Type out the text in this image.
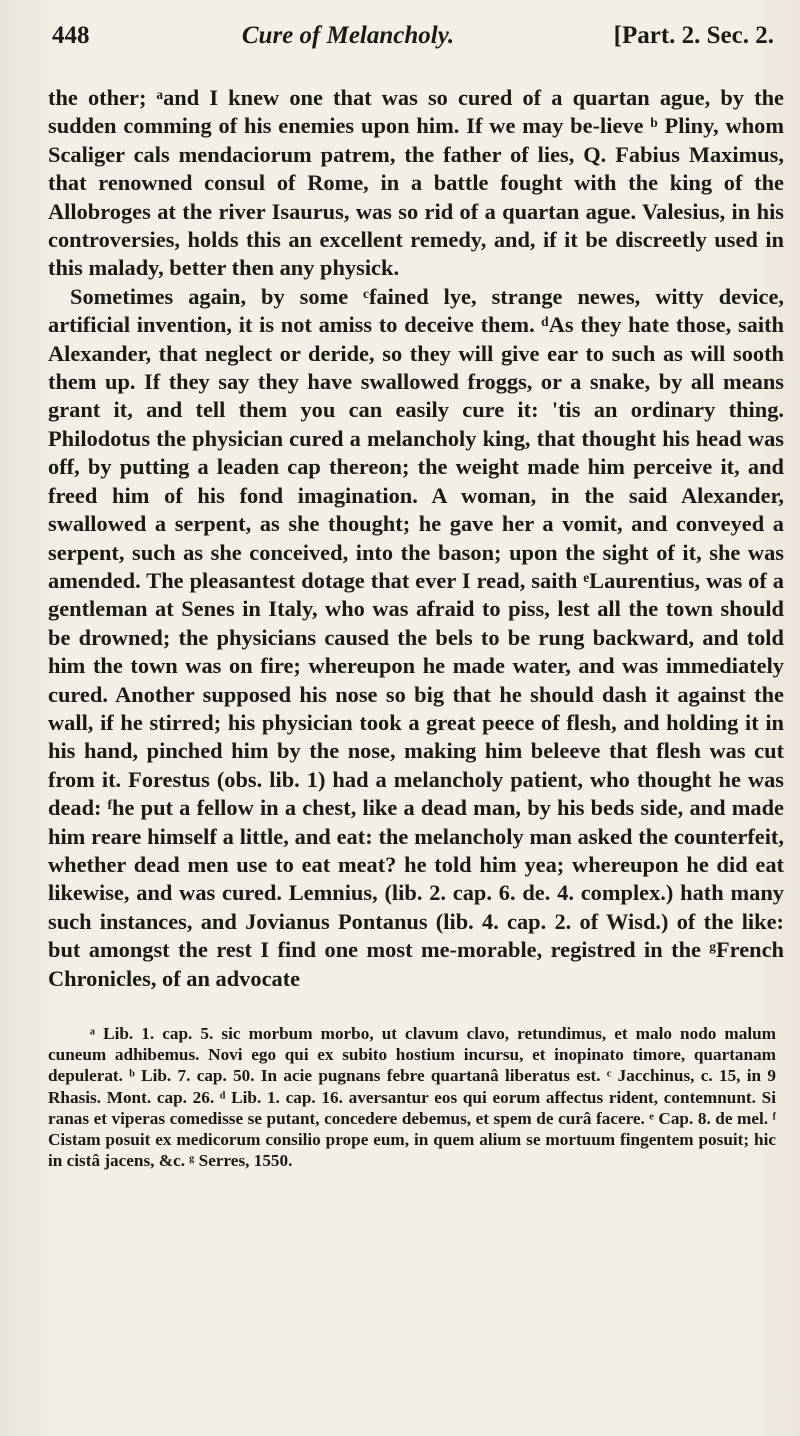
448	Cure of Melancholy.	[Part. 2. Sec. 2.

the other; ᵃand I knew one that was so cured of a quartan ague, by the sudden comming of his enemies upon him. If we may be-lieve ᵇ Pliny, whom Scaliger cals mendaciorum patrem, the father of lies, Q. Fabius Maximus, that renowned consul of Rome, in a battle fought with the king of the Allobroges at the river Isaurus, was so rid of a quartan ague. Valesius, in his controversies, holds this an excellent remedy, and, if it be discreetly used in this malady, better then any physick.

Sometimes again, by some ᶜfained lye, strange newes, witty device, artificial invention, it is not amiss to deceive them. ᵈAs they hate those, saith Alexander, that neglect or deride, so they will give ear to such as will sooth them up. If they say they have swallowed froggs, or a snake, by all means grant it, and tell them you can easily cure it: 'tis an ordinary thing. Philodotus the physician cured a melancholy king, that thought his head was off, by putting a leaden cap thereon; the weight made him perceive it, and freed him of his fond imagination. A woman, in the said Alexander, swallowed a serpent, as she thought; he gave her a vomit, and conveyed a serpent, such as she conceived, into the bason; upon the sight of it, she was amended. The pleasantest dotage that ever I read, saith ᵉLaurentius, was of a gentleman at Senes in Italy, who was afraid to piss, lest all the town should be drowned; the physicians caused the bels to be rung backward, and told him the town was on fire; whereupon he made water, and was immediately cured. Another supposed his nose so big that he should dash it against the wall, if he stirred; his physician took a great peece of flesh, and holding it in his hand, pinched him by the nose, making him beleeve that flesh was cut from it. Forestus (obs. lib. 1) had a melancholy patient, who thought he was dead: ᶠhe put a fellow in a chest, like a dead man, by his beds side, and made him reare himself a little, and eat: the melancholy man asked the counterfeit, whether dead men use to eat meat? he told him yea; whereupon he did eat likewise, and was cured. Lemnius, (lib. 2. cap. 6. de. 4. complex.) hath many such instances, and Jovianus Pontanus (lib. 4. cap. 2. of Wisd.) of the like: but amongst the rest I find one most me-morable, registred in the ᵍFrench Chronicles, of an advocate

ᵃ Lib. 1. cap. 5. sic morbum morbo, ut clavum clavo, retundimus, et malo nodo malum cuneum adhibemus. Novi ego qui ex subito hostium incursu, et inopinato timore, quartanam depulerat. ᵇ Lib. 7. cap. 50. In acie pugnans febre quartanâ liberatus est. ᶜ Jacchinus, c. 15, in 9 Rhasis. Mont. cap. 26. ᵈ Lib. 1. cap. 16. aversantur eos qui eorum affectus rident, contemnunt. Si ranas et viperas comedisse se putant, concedere debemus, et spem de curâ facere. ᵉ Cap. 8. de mel. ᶠ Cistam posuit ex medicorum consilio prope eum, in quem alium se mortuum fingentem posuit; hic in cistâ jacens, &c. ᵍ Serres, 1550.
